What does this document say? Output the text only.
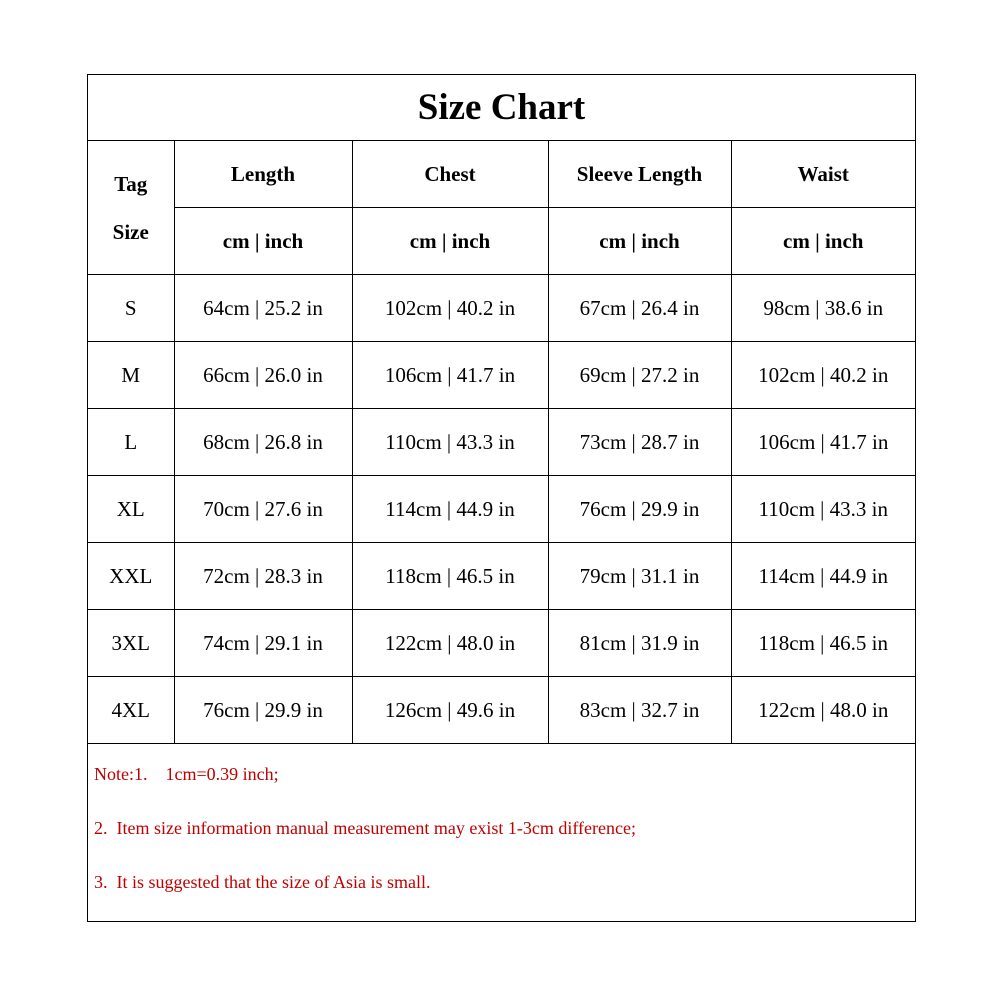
Size Chart
Tag
Size	Length	Chest	Sleeve Length	Waist
	cm | inch	cm | inch	cm | inch	cm | inch
S	64cm | 25.2 in	102cm | 40.2 in	67cm | 26.4 in	98cm | 38.6 in
M	66cm | 26.0 in	106cm | 41.7 in	69cm | 27.2 in	102cm | 40.2 in
L	68cm | 26.8 in	110cm | 43.3 in	73cm | 28.7 in	106cm | 41.7 in
XL	70cm | 27.6 in	114cm | 44.9 in	76cm | 29.9 in	110cm | 43.3 in
XXL	72cm | 28.3 in	118cm | 46.5 in	79cm | 31.1 in	114cm | 44.9 in
3XL	74cm | 29.1 in	122cm | 48.0 in	81cm | 31.9 in	118cm | 46.5 in
4XL	76cm | 29.9 in	126cm | 49.6 in	83cm | 32.7 in	122cm | 48.0 in
Note:1.    1cm=0.39 inch;
2.  Item size information manual measurement may exist 1-3cm difference;
3.  It is suggested that the size of Asia is small.
